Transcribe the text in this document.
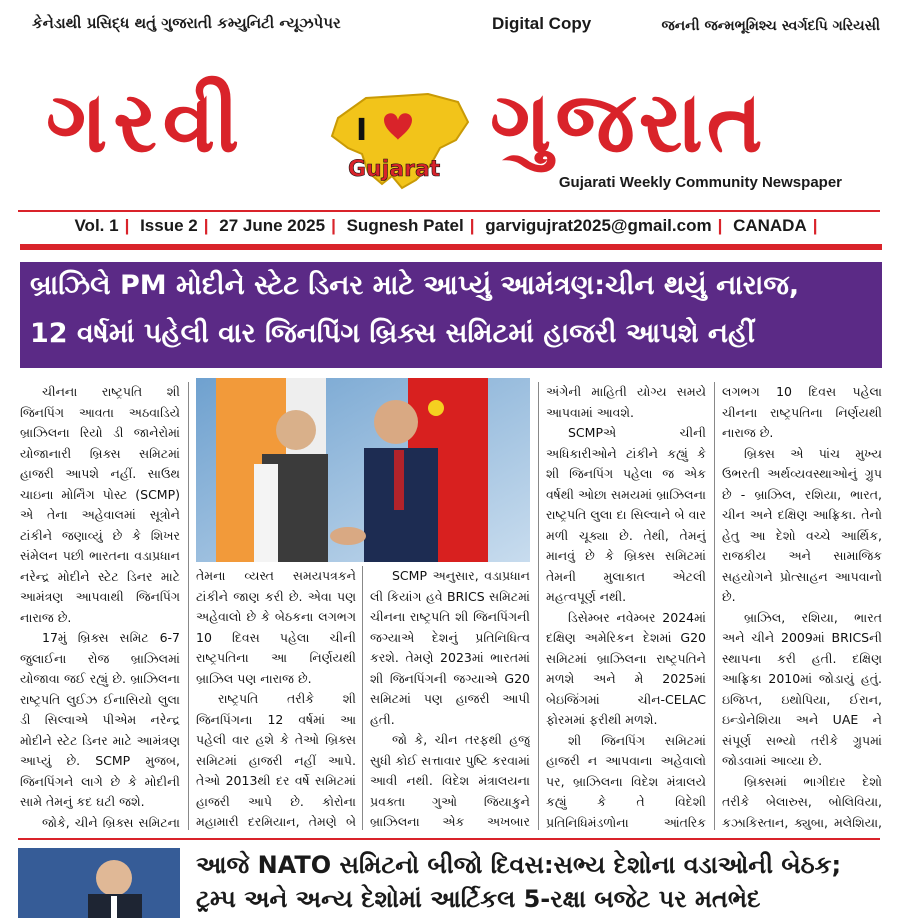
કેનેડાથી પ્રસિદ્ધ થતું ગુજરાતી કમ્યુનિટી ન્યૂઝપેપર	Digital Copy	જનની જન્મભૂમિશ્ચ સ્વર્ગદપિ ગરિયસી
ગરવી	I
Gujarat ગુજરાત
Gujarati Weekly Community Newspaper
Vol. 1 | Issue 2 | 27 June 2025 | Sugnesh Patel | garvigujrat2025@gmail.com | CANADA |
બ્રાઝિલે PM મોદીને સ્ટેટ ડિનર માટે આપ્યું આમંત્રણ:ચીન થયું નારાજ,
12 વર્ષમાં પહેલી વાર જિનપિંગ બ્રિક્સ સમિટમાં હાજરી આપશે નહીં

ચીનના રાષ્ટ્રપતિ શી જિનપિંગ આવતા અઠવાડિયે બ્રાઝિલના રિયો ડી જાનેરોમાં યોજાનારી બ્રિક્સ સમિટમાં હાજરી આપશે નહીં. સાઉથ ચાઇના મોર્નિંગ પોસ્ટ (SCMP) એ તેના અહેવાલમાં સૂત્રોને ટાંકીને જણાવ્યું છે કે શિખર સંમેલન પછી ભારતના વડાપ્રધાન નરેન્દ્ર મોદીને સ્ટેટ ડિનર માટે આમંત્રણ આપવાથી જિનપિંગ નારાજ છે.

17મું બ્રિક્સ સમિટ 6-7 જુલાઈના રોજ બ્રાઝિલમાં યોજાવા જઈ રહ્યું છે. બ્રાઝિલના રાષ્ટ્રપતિ લુઈઝ ઈનાસિયો લુલા ડી સિલ્વાએ પીએમ નરેન્દ્ર મોદીને સ્ટેટ ડિનર માટે આમંત્રણ આપ્યું છે. SCMP મુજબ, જિનપિંગને લાગે છે કે મોદીની સામે તેમનું કદ ઘટી જશે.

જોકે, ચીને બ્રિક્સ સમિટના

તેમના વ્યસ્ત સમયપત્રકને ટાંકીને જાણ કરી છે. એવા પણ અહેવાલો છે કે બેઠકના લગભગ 10 દિવસ પહેલા ચીની રાષ્ટ્રપતિના આ નિર્ણયથી બ્રાઝિલ પણ નારાજ છે.

રાષ્ટ્રપતિ તરીકે શી જિનપિંગના 12 વર્ષમાં આ પહેલી વાર હશે કે તેઓ બ્રિક્સ સમિટમાં હાજરી નહીં આપે. તેઓ 2013થી દર વર્ષે સમિટમાં હાજરી આપે છે. કોરોના મહામારી દરમિયાન, તેમણે બે

SCMP અનુસાર, વડાપ્રધાન લી કિયાંગ હવે BRICS સમિટમાં ચીનના રાષ્ટ્રપતિ શી જિનપિંગની જગ્યાએ દેશનું પ્રતિનિધિત્વ કરશે. તેમણે 2023માં ભારતમાં શી જિનપિંગની જગ્યાએ G20 સમિટમાં પણ હાજરી આપી હતી.

જો કે, ચીન તરફથી હજુ સુધી કોઈ સત્તાવાર પુષ્ટિ કરવામાં આવી નથી. વિદેશ મંત્રાલયના પ્રવક્તા ગુઓ જિયાકુને બ્રાઝિલના એક અખબાર

અંગેની માહિતી યોગ્ય સમયે આપવામાં આવશે.

SCMPએ ચીની અધિકારીઓને ટાંકીને કહ્યું કે શી જિનપિંગ પહેલા જ એક વર્ષથી ઓછા સમયમાં બ્રાઝિલના રાષ્ટ્રપતિ લુલા દા સિલ્વાને બે વાર મળી ચૂક્યા છે. તેથી, તેમનું માનવું છે કે બ્રિક્સ સમિટમાં તેમની મુલાકાત એટલી મહત્વપૂર્ણ નથી.

ડિસેમ્બર નવેમ્બર 2024માં દક્ષિણ અમેરિકન દેશમાં G20 સમિટમાં બ્રાઝિલના રાષ્ટ્રપતિને મળશે અને મે 2025માં બેઇજિંગમાં ચીન-CELAC ફોરમમાં ફરીથી મળશે.

શી જિનપિંગ સમિટમાં હાજરી ન આપવાના અહેવાલો પર, બ્રાઝિલના વિદેશ મંત્રાલયે કહ્યું કે તે વિદેશી પ્રતિનિધિમંડળોના આંતરિક

લગભગ 10 દિવસ પહેલા ચીનના રાષ્ટ્રપતિના નિર્ણયથી નારાજ છે.

બ્રિક્સ એ પાંચ મુખ્ય ઉભરતી અર્થવ્યવસ્થાઓનું ગ્રુપ છે - બ્રાઝિલ, રશિયા, ભારત, ચીન અને દક્ષિણ આફ્રિકા. તેનો હેતુ આ દેશો વચ્ચે આર્થિક, રાજકીય અને સામાજિક સહયોગને પ્રોત્સાહન આપવાનો છે.

બ્રાઝિલ, રશિયા, ભારત અને ચીને 2009માં BRICSની સ્થાપના કરી હતી. દક્ષિણ આફ્રિકા 2010માં જોડાયું હતું. ઇજિપ્ત, ઇથોપિયા, ઈરાન, ઇન્ડોનેશિયા અને UAE ને સંપૂર્ણ સભ્યો તરીકે ગ્રુપમાં જોડવામાં આવ્યા છે.

બ્રિક્સમાં ભાગીદાર દેશો તરીકે બેલારુસ, બોલિવિયા, કઝાકિસ્તાન, ક્યુબા, મલેશિયા,

આજે NATO સમિટનો બીજો દિવસ:સભ્ય દેશોના વડાઓની બેઠક;
ટ્રમ્પ અને અન્ય દેશોમાં આર્ટિકલ 5-રક્ષા બજેટ પર મતભેદ
